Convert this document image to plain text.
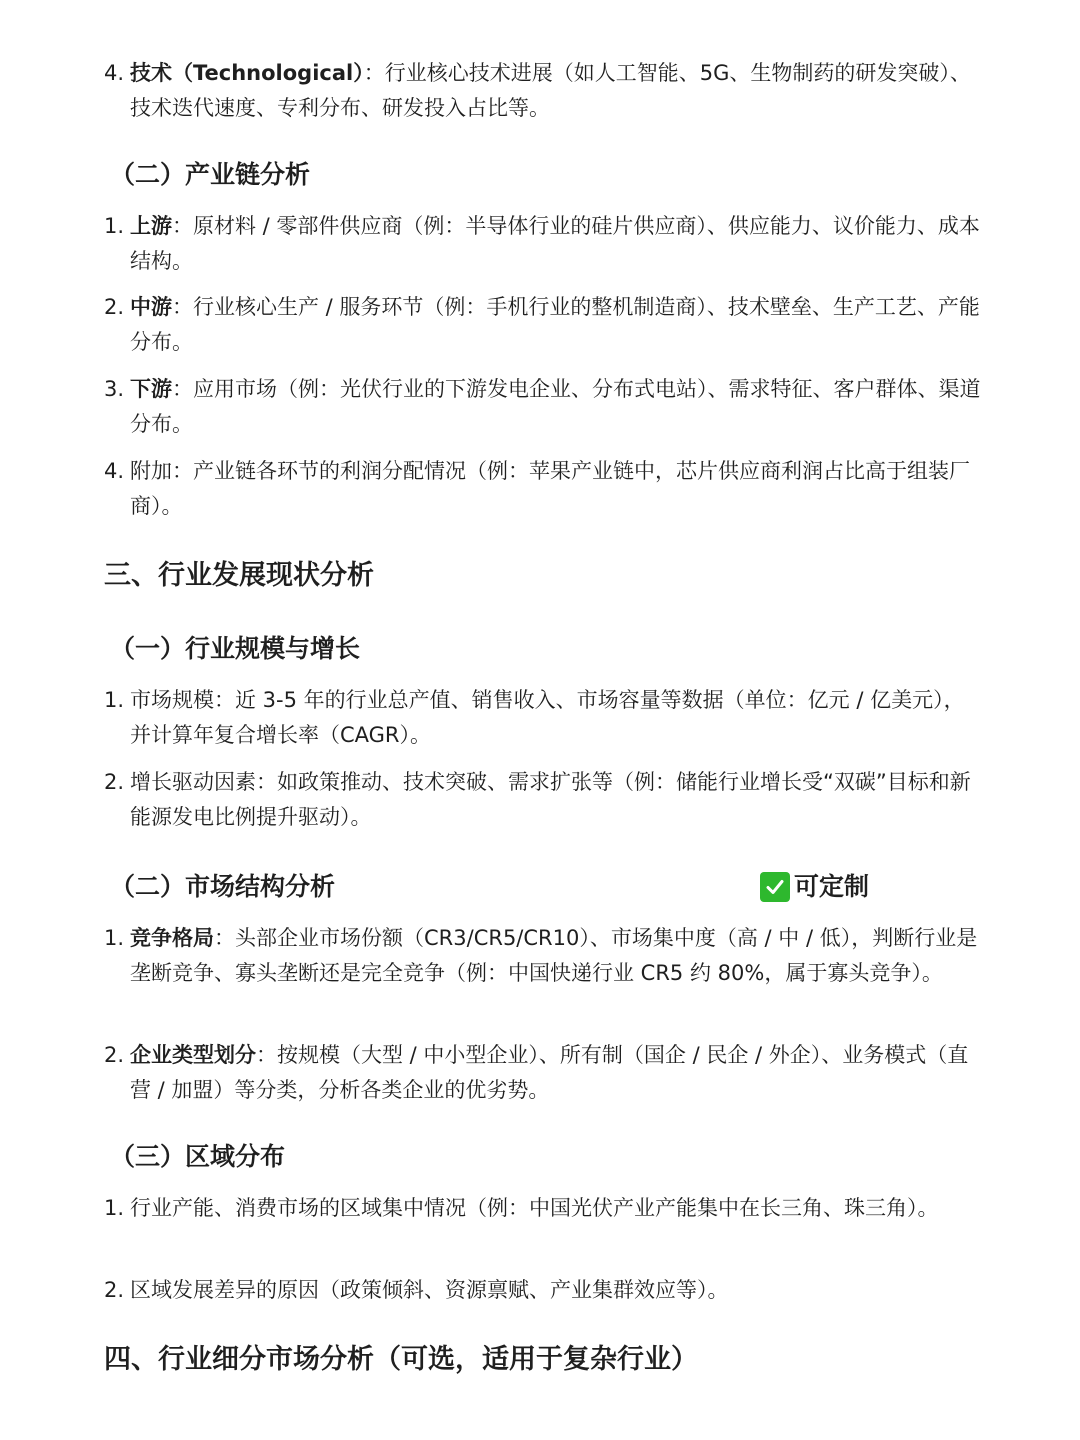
4. 技术（Technological）：行业核心技术进展（如人工智能、5G、生物制药的研发突破）、技术迭代速度、专利分布、研发投入占比等。
（二）产业链分析
1. 上游：原材料 / 零部件供应商（例：半导体行业的硅片供应商）、供应能力、议价能力、成本结构。
2. 中游：行业核心生产 / 服务环节（例：手机行业的整机制造商）、技术壁垒、生产工艺、产能分布。
3. 下游：应用市场（例：光伏行业的下游发电企业、分布式电站）、需求特征、客户群体、渠道分布。
4. 附加：产业链各环节的利润分配情况（例：苹果产业链中，芯片供应商利润占比高于组装厂商）。
三、行业发展现状分析
（一）行业规模与增长
1. 市场规模：近 3-5 年的行业总产值、销售收入、市场容量等数据（单位：亿元 / 亿美元），并计算年复合增长率（CAGR）。
2. 增长驱动因素：如政策推动、技术突破、需求扩张等（例：储能行业增长受“双碳”目标和新能源发电比例提升驱动）。
（二）市场结构分析	可定制
1. 竞争格局：头部企业市场份额（CR3/CR5/CR10）、市场集中度（高 / 中 / 低），判断行业是垄断竞争、寡头垄断还是完全竞争（例：中国快递行业 CR5 约 80%，属于寡头竞争）。
2. 企业类型划分：按规模（大型 / 中小型企业）、所有制（国企 / 民企 / 外企）、业务模式（直营 / 加盟）等分类，分析各类企业的优劣势。
（三）区域分布
1. 行业产能、消费市场的区域集中情况（例：中国光伏产业产能集中在长三角、珠三角）。
2. 区域发展差异的原因（政策倾斜、资源禀赋、产业集群效应等）。
四、行业细分市场分析（可选，适用于复杂行业）
